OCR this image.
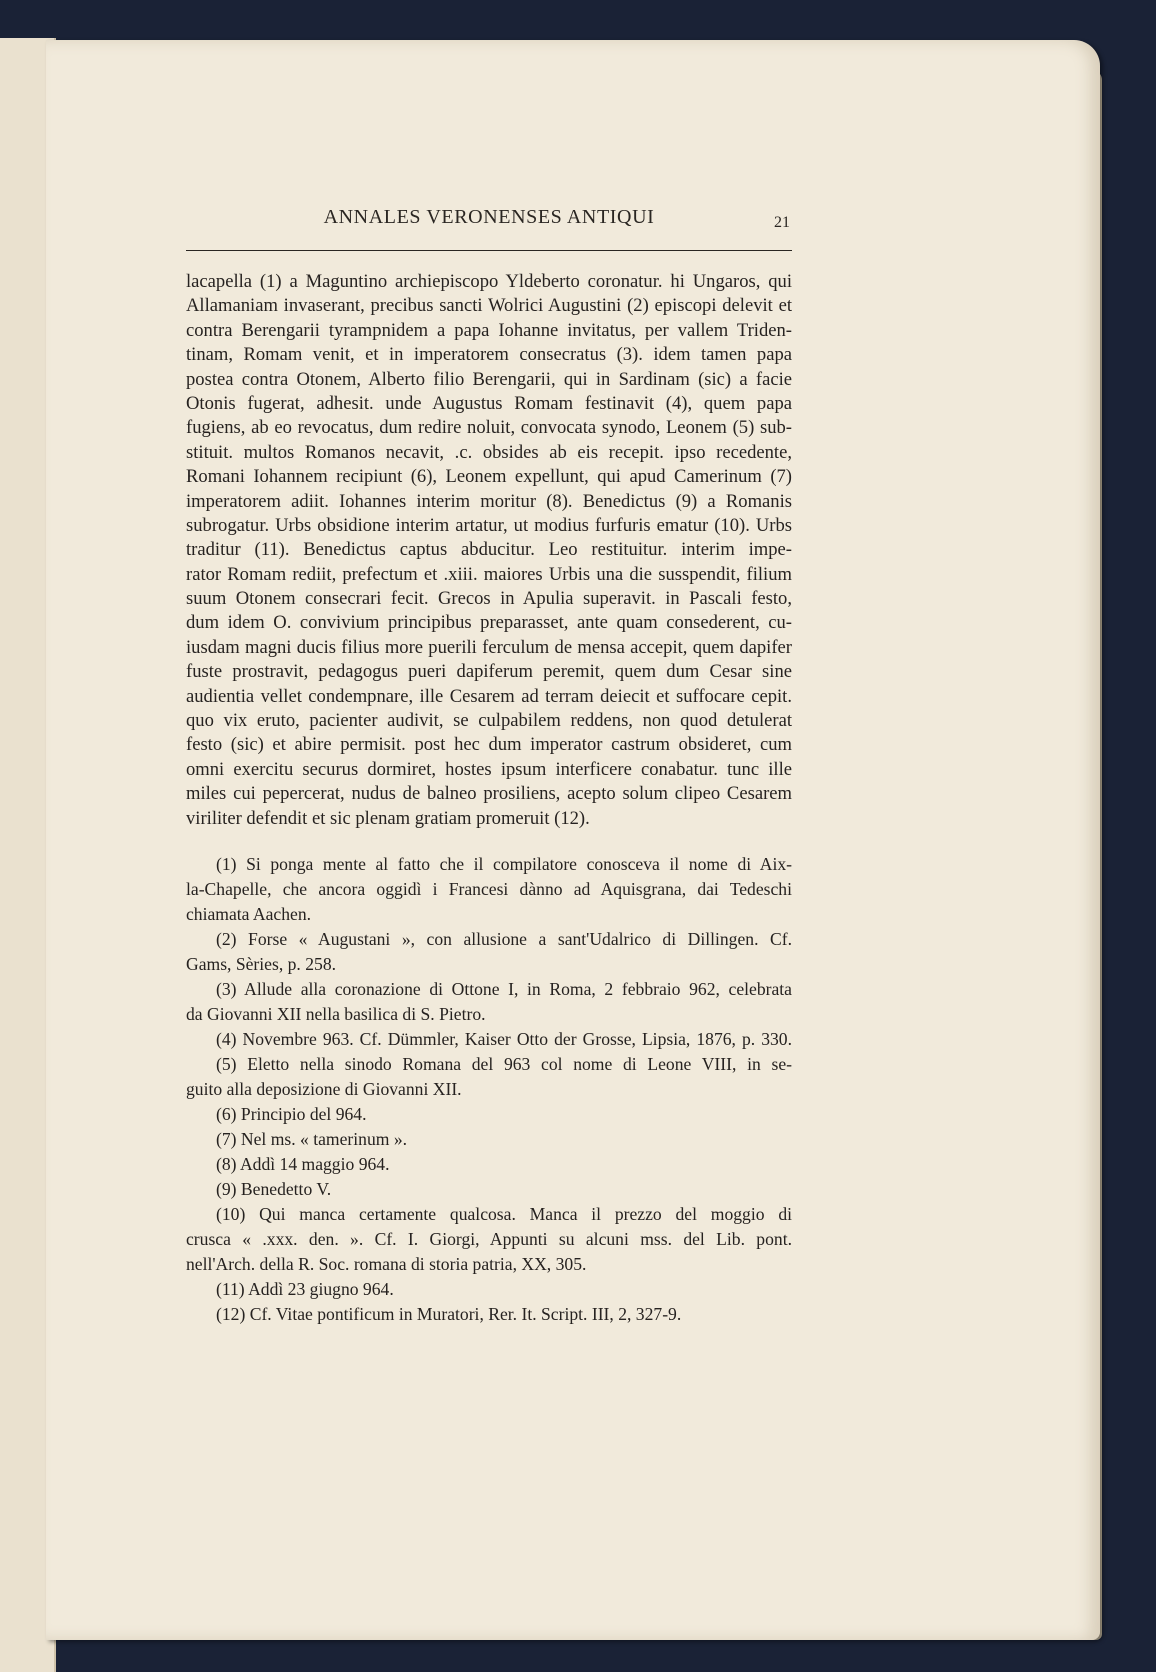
ANNALES VERONENSES ANTIQUI	21
lacapella (1) a Maguntino archiepiscopo Yldeberto coronatur. hi Ungaros, qui
Allamaniam invaserant, precibus sancti Wolrici Augustini (2) episcopi delevit et
contra Berengarii tyrampnidem a papa Iohanne invitatus, per vallem Triden-
tinam, Romam venit, et in imperatorem consecratus (3). idem tamen papa
postea contra Otonem, Alberto filio Berengarii, qui in Sardinam (sic) a facie
Otonis fugerat, adhesit. unde Augustus Romam festinavit (4), quem papa
fugiens, ab eo revocatus, dum redire noluit, convocata synodo, Leonem (5) sub-
stituit. multos Romanos necavit, .c. obsides ab eis recepit. ipso recedente,
Romani Iohannem recipiunt (6), Leonem expellunt, qui apud Camerinum (7)
imperatorem adiit. Iohannes interim moritur (8). Benedictus (9) a Romanis
subrogatur. Urbs obsidione interim artatur, ut modius furfuris ematur (10). Urbs
traditur (11). Benedictus captus abducitur. Leo restituitur. interim impe-
rator Romam rediit, prefectum et .xiii. maiores Urbis una die susspendit, filium
suum Otonem consecrari fecit. Grecos in Apulia superavit. in Pascali festo,
dum idem O. convivium principibus preparasset, ante quam consederent, cu-
iusdam magni ducis filius more puerili ferculum de mensa accepit, quem dapifer
fuste prostravit, pedagogus pueri dapiferum peremit, quem dum Cesar sine
audientia vellet condempnare, ille Cesarem ad terram deiecit et suffocare cepit.
quo vix eruto, pacienter audivit, se culpabilem reddens, non quod detulerat
festo (sic) et abire permisit. post hec dum imperator castrum obsideret, cum
omni exercitu securus dormiret, hostes ipsum interficere conabatur. tunc ille
miles cui pepercerat, nudus de balneo prosiliens, acepto solum clipeo Cesarem
viriliter defendit et sic plenam gratiam promeruit (12).
(1) Si ponga mente al fatto che il compilatore conosceva il nome di Aix-
la-Chapelle, che ancora oggidì i Francesi dànno ad Aquisgrana, dai Tedeschi
chiamata Aachen.
(2) Forse « Augustani », con allusione a sant'Udalrico di Dillingen. Cf.
Gams, Sèries, p. 258.
(3) Allude alla coronazione di Ottone I, in Roma, 2 febbraio 962, celebrata
da Giovanni XII nella basilica di S. Pietro.
(4) Novembre 963. Cf. Dümmler, Kaiser Otto der Grosse, Lipsia, 1876, p. 330.
(5) Eletto nella sinodo Romana del 963 col nome di Leone VIII, in se-
guito alla deposizione di Giovanni XII.
(6) Principio del 964.
(7) Nel ms. « tamerinum ».
(8) Addì 14 maggio 964.
(9) Benedetto V.
(10) Qui manca certamente qualcosa. Manca il prezzo del moggio di
crusca « .xxx. den. ». Cf. I. Giorgi, Appunti su alcuni mss. del Lib. pont.
nell'Arch. della R. Soc. romana di storia patria, XX, 305.
(11) Addì 23 giugno 964.
(12) Cf. Vitae pontificum in Muratori, Rer. It. Script. III, 2, 327-9.
